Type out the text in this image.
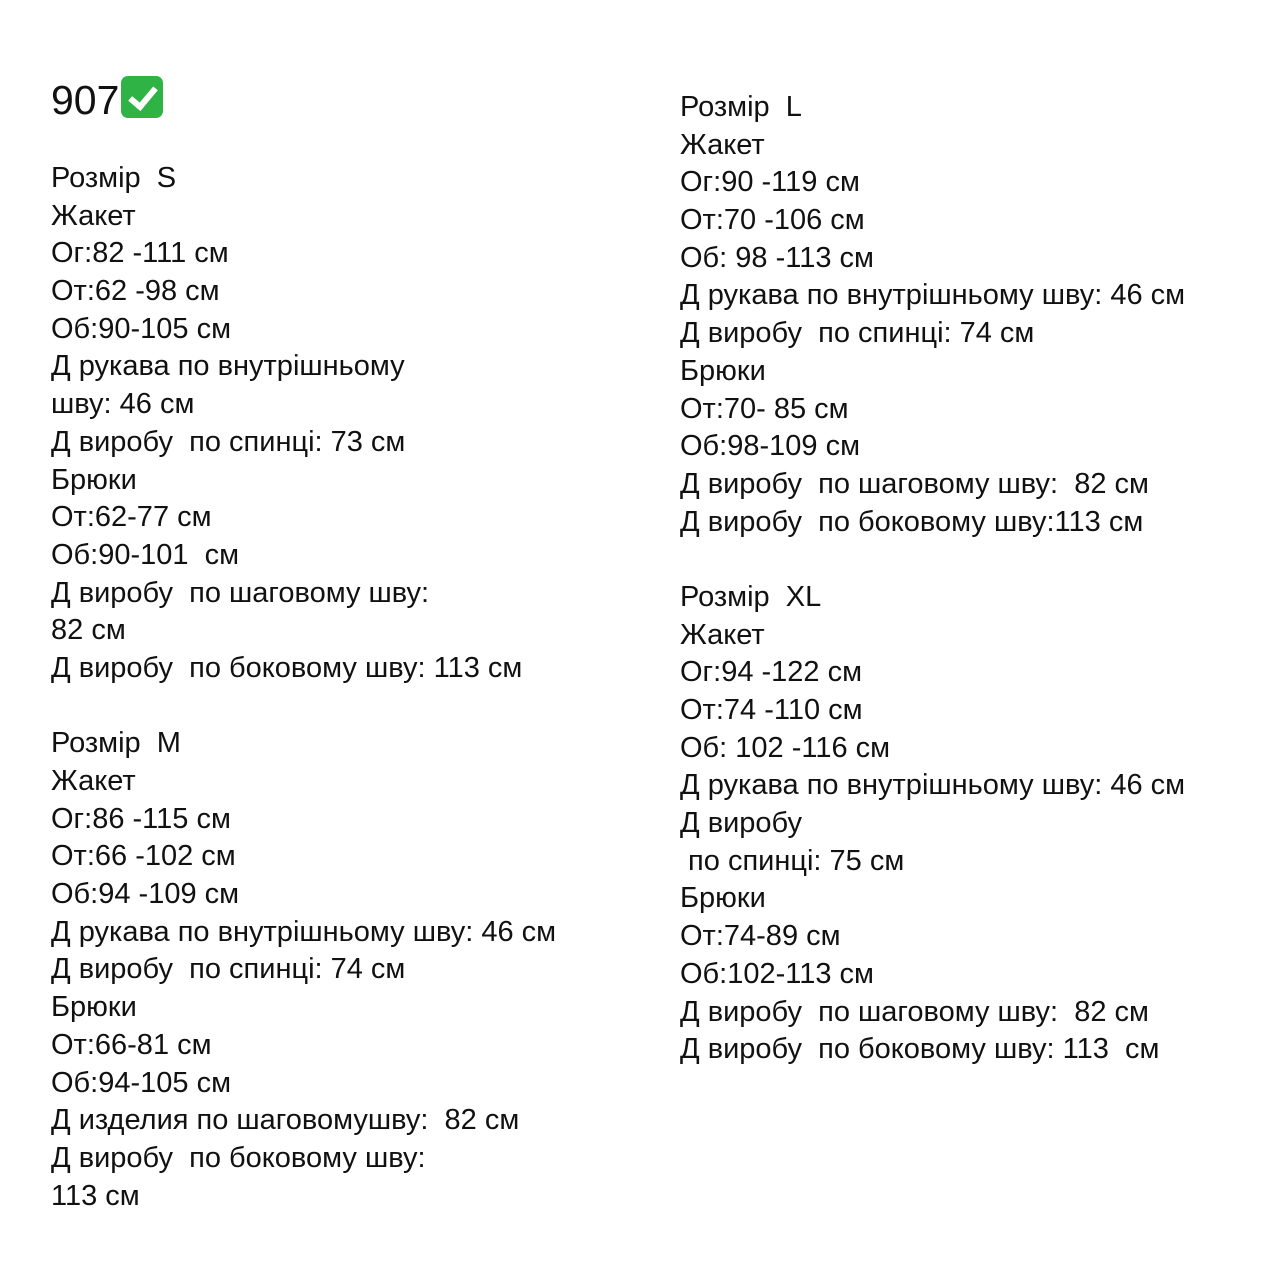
907
Розмір  S
Жакет
Ог:82 -111 см
От:62 -98 см
Об:90-105 см
Д рукава по внутрішньому
шву: 46 см
Д виробу  по спинці: 73 см
Брюки
От:62-77 см
Об:90-101  см
Д виробу  по шаговому шву:
82 см
Д виробу  по боковому шву: 113 см
Розмір  M
Жакет
Ог:86 -115 см
От:66 -102 см
Об:94 -109 см
Д рукава по внутрішньому шву: 46 см
Д виробу  по спинці: 74 см
Брюки
От:66-81 см
Об:94-105 см
Д изделия по шаговомушву:  82 см
Д виробу  по боковому шву:
113 см
Розмір  L
Жакет
Ог:90 -119 см
От:70 -106 см
Об: 98 -113 см
Д рукава по внутрішньому шву: 46 см
Д виробу  по спинці: 74 см
Брюки
От:70- 85 см
Об:98-109 см
Д виробу  по шаговому шву:  82 см
Д виробу  по боковому шву:113 см
Розмір  XL
Жакет
Ог:94 -122 см
От:74 -110 см
Об: 102 -116 см
Д рукава по внутрішньому шву: 46 см
Д виробу
по спинці: 75 см
Брюки
От:74-89 см
Об:102-113 см
Д виробу  по шаговому шву:  82 см
Д виробу  по боковому шву: 113  см
